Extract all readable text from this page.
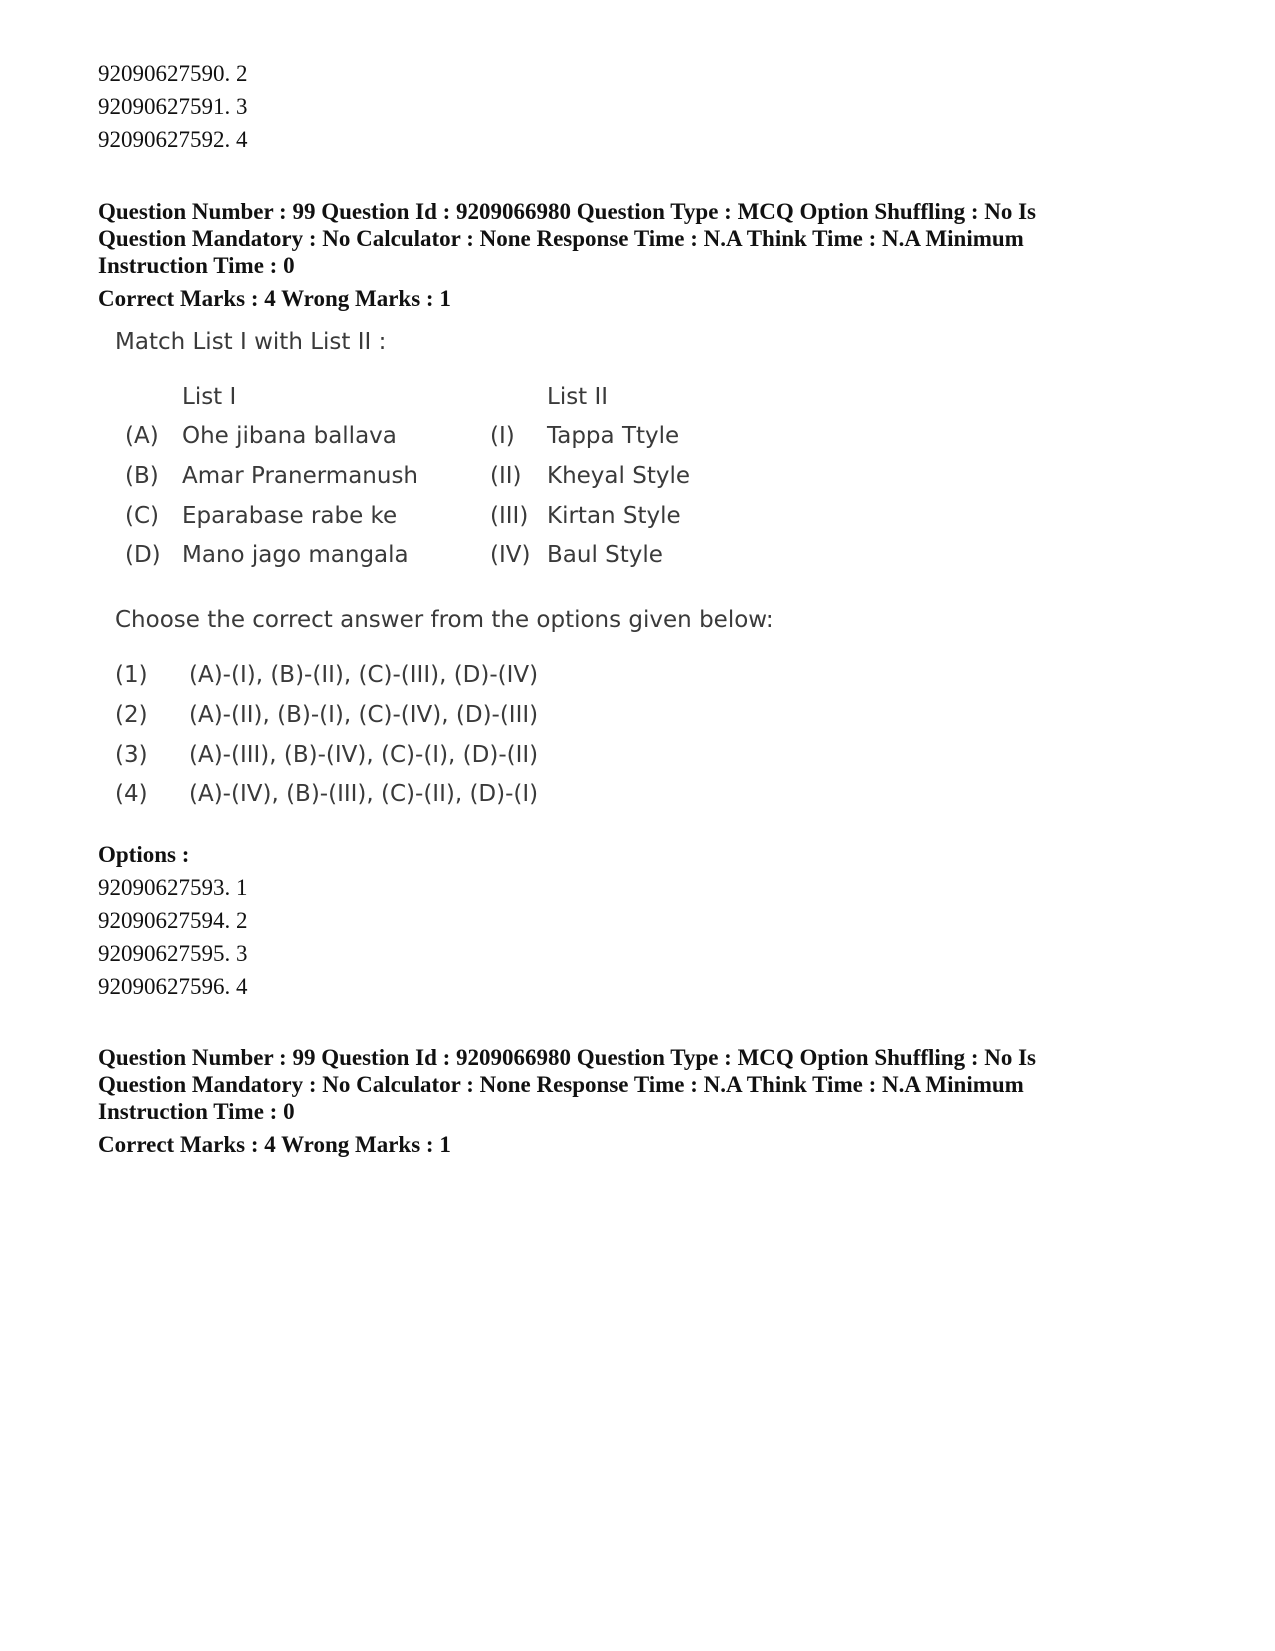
92090627590. 2
92090627591. 3
92090627592. 4
Question Number : 99 Question Id : 9209066980 Question Type : MCQ Option Shuffling : No Is
Question Mandatory : No Calculator : None Response Time : N.A Think Time : N.A Minimum
Instruction Time : 0
Correct Marks : 4 Wrong Marks : 1
Match List I with List II :
List I	List II
(A) Ohe jibana ballava	(I) Tappa Ttyle
(B) Amar Pranermanush	(II) Kheyal Style
(C) Eparabase rabe ke	(III) Kirtan Style
(D) Mano jago mangala	(IV) Baul Style
Choose the correct answer from the options given below:
(1) (A)-(I), (B)-(II), (C)-(III), (D)-(IV)
(2) (A)-(II), (B)-(I), (C)-(IV), (D)-(III)
(3) (A)-(III), (B)-(IV), (C)-(I), (D)-(II)
(4) (A)-(IV), (B)-(III), (C)-(II), (D)-(I)
Options :
92090627593. 1
92090627594. 2
92090627595. 3
92090627596. 4
Question Number : 99 Question Id : 9209066980 Question Type : MCQ Option Shuffling : No Is
Question Mandatory : No Calculator : None Response Time : N.A Think Time : N.A Minimum
Instruction Time : 0
Correct Marks : 4 Wrong Marks : 1
